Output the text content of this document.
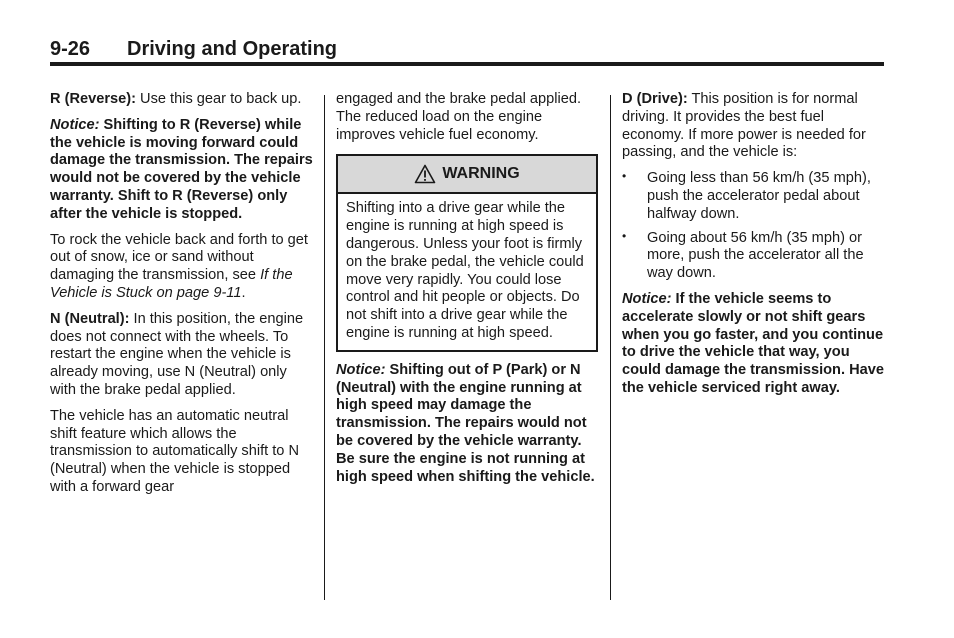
9-26 Driving and Operating

R (Reverse): Use this gear to back up.

Notice: Shifting to R (Reverse) while the vehicle is moving forward could damage the transmission. The repairs would not be covered by the vehicle warranty. Shift to R (Reverse) only after the vehicle is stopped.

To rock the vehicle back and forth to get out of snow, ice or sand without damaging the transmission, see If the Vehicle is Stuck on page 9-11.

N (Neutral): In this position, the engine does not connect with the wheels. To restart the engine when the vehicle is already moving, use N (Neutral) only with the brake pedal applied.

The vehicle has an automatic neutral shift feature which allows the transmission to automatically shift to N (Neutral) when the vehicle is stopped with a forward gear

engaged and the brake pedal applied. The reduced load on the engine improves vehicle fuel economy.

WARNING
Shifting into a drive gear while the engine is running at high speed is dangerous. Unless your foot is firmly on the brake pedal, the vehicle could move very rapidly. You could lose control and hit people or objects. Do not shift into a drive gear while the engine is running at high speed.

Notice: Shifting out of P (Park) or N (Neutral) with the engine running at high speed may damage the transmission. The repairs would not be covered by the vehicle warranty. Be sure the engine is not running at high speed when shifting the vehicle.

D (Drive): This position is for normal driving. It provides the best fuel economy. If more power is needed for passing, and the vehicle is:

• Going less than 56 km/h (35 mph), push the accelerator pedal about halfway down.
• Going about 56 km/h (35 mph) or more, push the accelerator all the way down.

Notice: If the vehicle seems to accelerate slowly or not shift gears when you go faster, and you continue to drive the vehicle that way, you could damage the transmission. Have the vehicle serviced right away.
